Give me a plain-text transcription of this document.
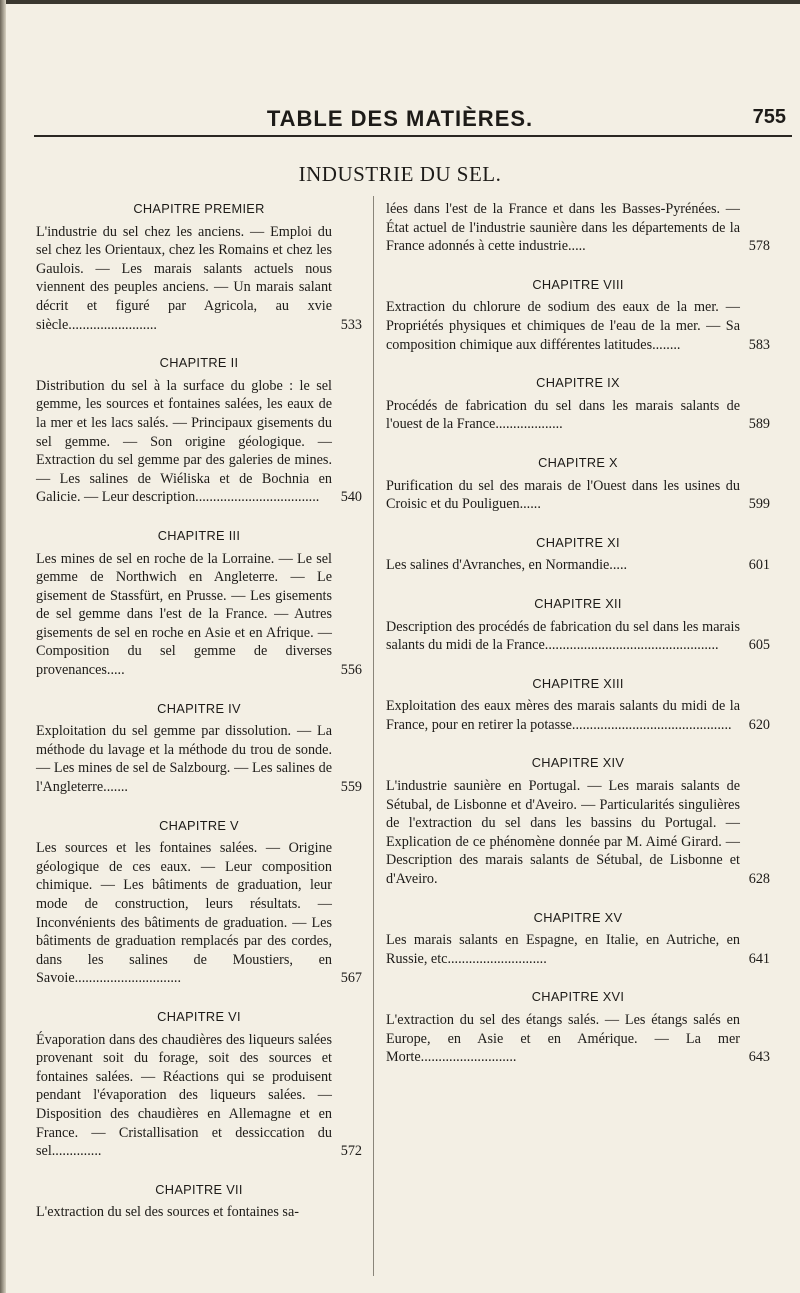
TABLE DES MATIÈRES.	755
INDUSTRIE DU SEL.
CHAPITRE PREMIER
L'industrie du sel chez les anciens. — Emploi du sel chez les Orientaux, chez les Romains et chez les Gaulois. — Les marais salants actuels nous viennent des peuples anciens. — Un marais salant décrit et figuré par Agricola, au xvie siècle.........................	533
CHAPITRE II
Distribution du sel à la surface du globe : le sel gemme, les sources et fontaines salées, les eaux de la mer et les lacs salés. — Principaux gisements du sel gemme. — Son origine géologique. — Extraction du sel gemme par des galeries de mines. — Les salines de Wiéliska et de Bochnia en Galicie. — Leur description................................... 540
CHAPITRE III
Les mines de sel en roche de la Lorraine. — Le sel gemme de Northwich en Angleterre. — Le gisement de Stassfürt, en Prusse. — Les gisements de sel gemme dans l'est de la France. — Autres gisements de sel en roche en Asie et en Afrique. — Composition du sel gemme de diverses provenances.....	556
CHAPITRE IV
Exploitation du sel gemme par dissolution. — La méthode du lavage et la méthode du trou de sonde. — Les mines de sel de Salzbourg. — Les salines de l'Angleterre.......	559
CHAPITRE V
Les sources et les fontaines salées. — Origine géologique de ces eaux. — Leur composition chimique. — Les bâtiments de graduation, leur mode de construction, leurs résultats. — Inconvénients des bâtiments de graduation. — Les bâtiments de graduation remplacés par des cordes, dans les salines de Moustiers, en Savoie..............................	567
CHAPITRE VI
Évaporation dans des chaudières des liqueurs salées provenant soit du forage, soit des sources et fontaines salées. — Réactions qui se produisent pendant l'évaporation des liqueurs salées. — Disposition des chaudières en Allemagne et en France. — Cristallisation et dessiccation du sel..............	572
CHAPITRE VII
L'extraction du sel des sources et fontaines sa-
lées dans l'est de la France et dans les Basses-Pyrénées. — État actuel de l'industrie saunière dans les départements de la France adonnés à cette industrie.....	578
CHAPITRE VIII
Extraction du chlorure de sodium des eaux de la mer. — Propriétés physiques et chimiques de l'eau de la mer. — Sa composition chimique aux différentes latitudes........	583
CHAPITRE IX
Procédés de fabrication du sel dans les marais salants de l'ouest de la France...................	589
CHAPITRE X
Purification du sel des marais de l'Ouest dans les usines du Croisic et du Pouliguen......	599
CHAPITRE XI
Les salines d'Avranches, en Normandie.....	601
CHAPITRE XII
Description des procédés de fabrication du sel dans les marais salants du midi de la France................................................. 605
CHAPITRE XIII
Exploitation des eaux mères des marais salants du midi de la France, pour en retirer la potasse............................................. 620
CHAPITRE XIV
L'industrie saunière en Portugal. — Les marais salants de Sétubal, de Lisbonne et d'Aveiro. — Particularités singulières de l'extraction du sel dans les bassins du Portugal. — Explication de ce phénomène donnée par M. Aimé Girard. — Description des marais salants de Sétubal, de Lisbonne et d'Aveiro.	628
CHAPITRE XV
Les marais salants en Espagne, en Italie, en Autriche, en Russie, etc............................	641
CHAPITRE XVI
L'extraction du sel des étangs salés. — Les étangs salés en Europe, en Asie et en Amérique. — La mer Morte...........................	643
